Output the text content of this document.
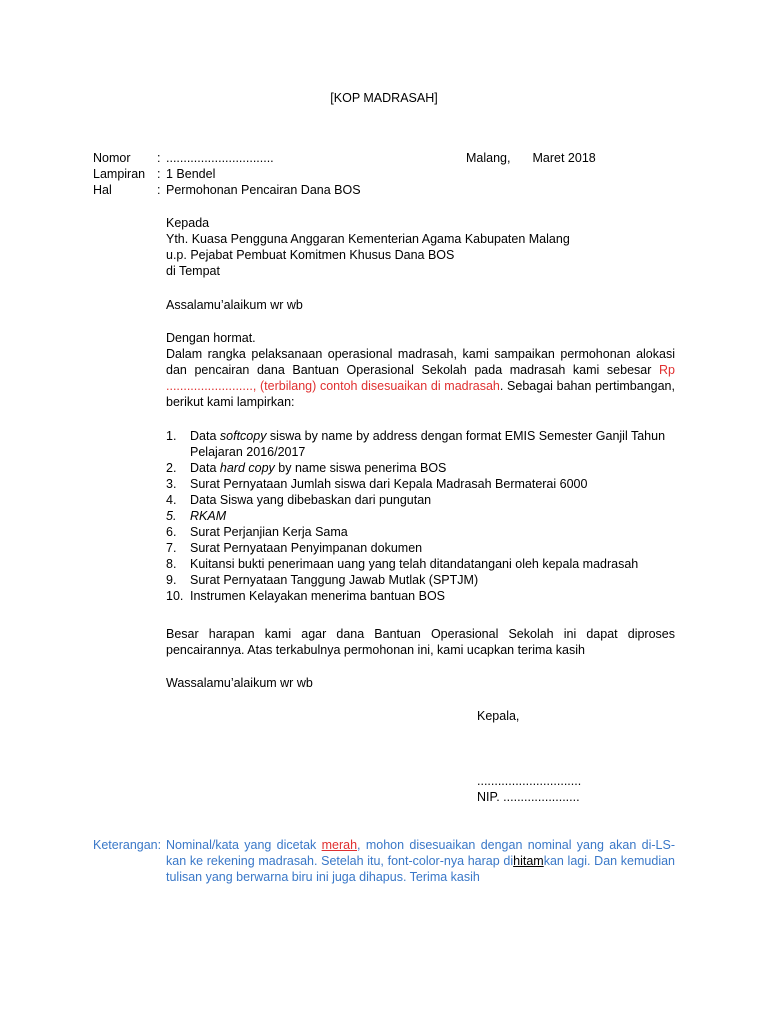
[KOP MADRASAH]
Nomor : ...............................
Lampiran : 1 Bendel
Hal	: Permohonan Pencairan Dana BOS
Malang, Maret 2018
Kepada
Yth. Kuasa Pengguna Anggaran Kementerian Agama Kabupaten Malang
u.p. Pejabat Pembuat Komitmen Khusus Dana BOS
di Tempat
Assalamu’alaikum wr wb
Dengan hormat.
Dalam rangka pelaksanaan operasional madrasah, kami sampaikan permohonan alokasi dan pencairan dana Bantuan Operasional Sekolah pada madrasah kami sebesar Rp ........................., (terbilang) contoh disesuaikan di madrasah. Sebagai bahan pertimbangan, berikut kami lampirkan:
1. Data softcopy siswa by name by address dengan format EMIS Semester Ganjil Tahun Pelajaran 2016/2017
2. Data hard copy by name siswa penerima BOS
3. Surat Pernyataan Jumlah siswa dari Kepala Madrasah Bermaterai 6000
4. Data Siswa yang dibebaskan dari pungutan
5. RKAM
6. Surat Perjanjian Kerja Sama
7. Surat Pernyataan Penyimpanan dokumen
8. Kuitansi bukti penerimaan uang yang telah ditandatangani oleh kepala madrasah
9. Surat Pernyataan Tanggung Jawab Mutlak (SPTJM)
10. Instrumen Kelayakan menerima bantuan BOS
Besar harapan kami agar dana Bantuan Operasional Sekolah ini dapat diproses pencairannya. Atas terkabulnya permohonan ini, kami ucapkan terima kasih
Wassalamu’alaikum wr wb
Kepala,
..............................
NIP. ......................
Keterangan: Nominal/kata yang dicetak merah, mohon disesuaikan dengan nominal yang akan di-LS-kan ke rekening madrasah. Setelah itu, font-color-nya harap dihitamkan lagi. Dan kemudian tulisan yang berwarna biru ini juga dihapus. Terima kasih
